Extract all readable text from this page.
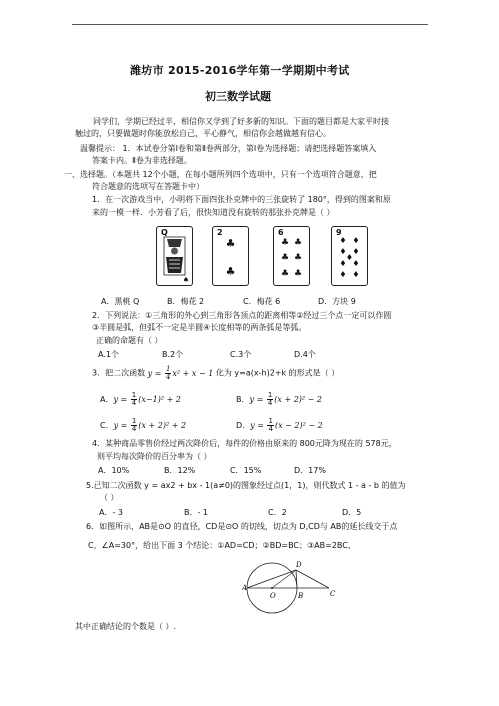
潍坊市 2015-2016学年第一学期期中考试
初三数学试题
同学们，学期已经过半，相信你又学到了好多新的知识。下面的题目都是大家平时接
触过的，只要做题时你能放松自己，平心静气，相信你会越做越有信心。
温馨提示： 1．本试卷分第Ⅰ卷和第Ⅱ卷两部分，第Ⅰ卷为选择题；请把选择题答案填入
答案卡内。Ⅱ卷为非选择题。
一、选择题。（本题共 12个小题，在每小题所列四个选项中，只有一个选项符合题意，把
符合题意的选项写在答题卡中）
1．在一次游戏当中，小明将下面四张扑克牌中的三张旋转了 180°，得到的图案和原
来的一模一样．小芳看了后，很快知道没有旋转的那张扑克牌是（ ）
Q
♠
2
♣
♣
6
♣ ♣
♣ ♣
♣ ♣
9
♦ ♦
♦ ♦
♦
♦ ♦
♦ ♦
A．黑桃 Q	B．梅花 2	C．梅花 6	D．方块 9
2．下列说法：①三角形的外心到三角形各顶点的距离相等②经过三个点一定可以作圆
③半圆是弧，但弧不一定是半圆④长度相等的两条弧是等弧。
正确的命题有（ ）
A.1个	B.2个	C.3个	D.4个
3．把二次函数 $y = \frac{1}{4} x^2 + x - 1$ 化为 y=a(x-h)2+k 的形式是（ ）
A．$y = \frac{1}{4} (x-1)^2 + 2$	B．$y = \frac{1}{4} (x + 2)^2 - 2$
C．$y = \frac{1}{4} (x + 2)^2 + 2$	D．$y = \frac{1}{4} (x - 2)^2 - 2$
4．某种商品零售价经过两次降价后，每件的价格由原来的 800元降为现在的 578元，
则平均每次降价的百分率为（ ）
A．10%	B．12%	C．15%	D．17%
5.已知二次函数 y = ax2 + bx - 1(a≠0)的图象经过点(1，1)，则代数式 1 - a - b 的值为
（ ）
A．- 3	B．- 1	C．2	D．5
6．如图所示，AB是⊙O 的直径，CD是⊙O 的切线，切点为 D,CD与 AB的延长线交于点
C，∠A=30°，给出下面 3 个结论：①AD=CD；②BD=BC；③AB=2BC,
A
O	B	C
D
其中正确结论的个数是（ ）.
